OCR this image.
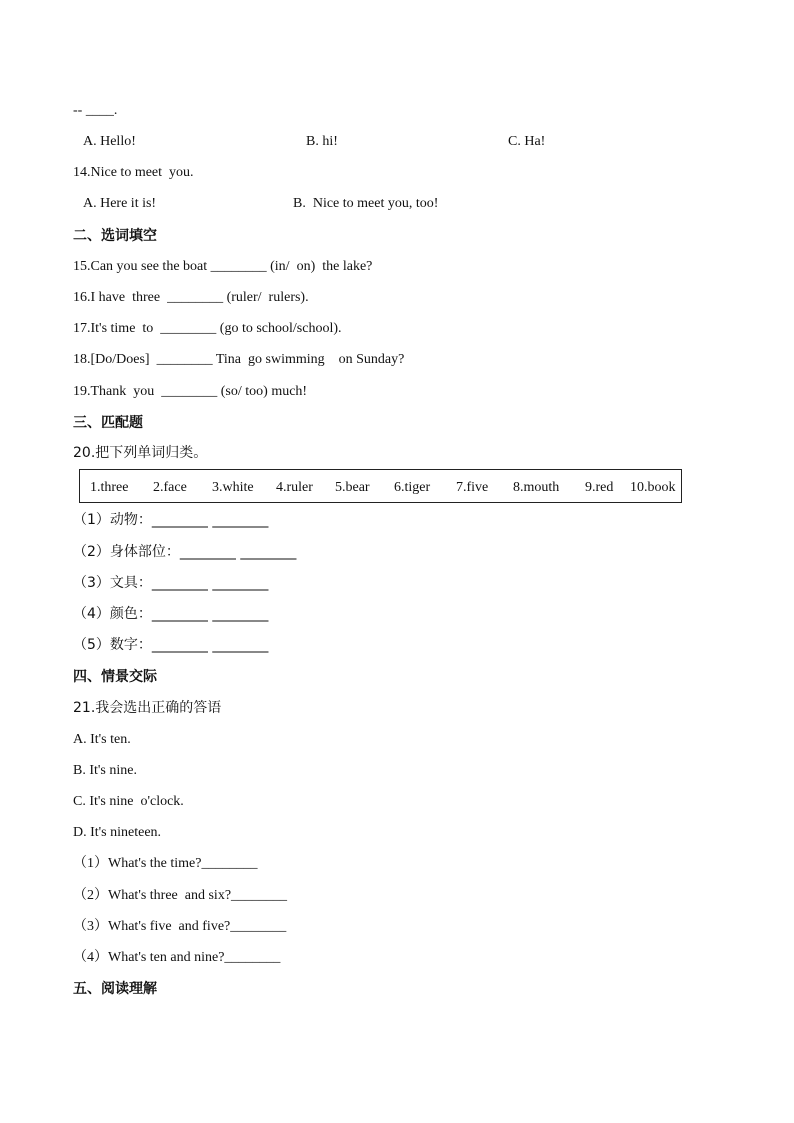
-- ____.
A. Hello!	B. hi!	C. Ha!
14.Nice to meet  you.
A. Here it is!	B.  Nice to meet you, too!
二、选词填空
15.Can you see the boat ________ (in/  on)  the lake?
16.I have  three  ________ (ruler/  rulers).
17.It's time  to  ________ (go to school/school).
18.[Do/Does]  ________ Tina  go swimming    on Sunday?
19.Thank  you  ________ (so/ too) much!
三、匹配题
20.把下列单词归类。
1.three 2.face 3.white 4.ruler 5.bear 6.tiger 7.five 8.mouth 9.red 10.book
（1）动物：________ ________
（2）身体部位：________ ________
（3）文具：________ ________
（4）颜色：________ ________
（5）数字：________ ________
四、情景交际
21.我会选出正确的答语
A. It's ten.
B. It's nine.
C. It's nine  o'clock.
D. It's nineteen.
（1）What's the time?________
（2）What's three  and six?________
（3）What's five  and five?________
（4）What's ten and nine?________
五、阅读理解
